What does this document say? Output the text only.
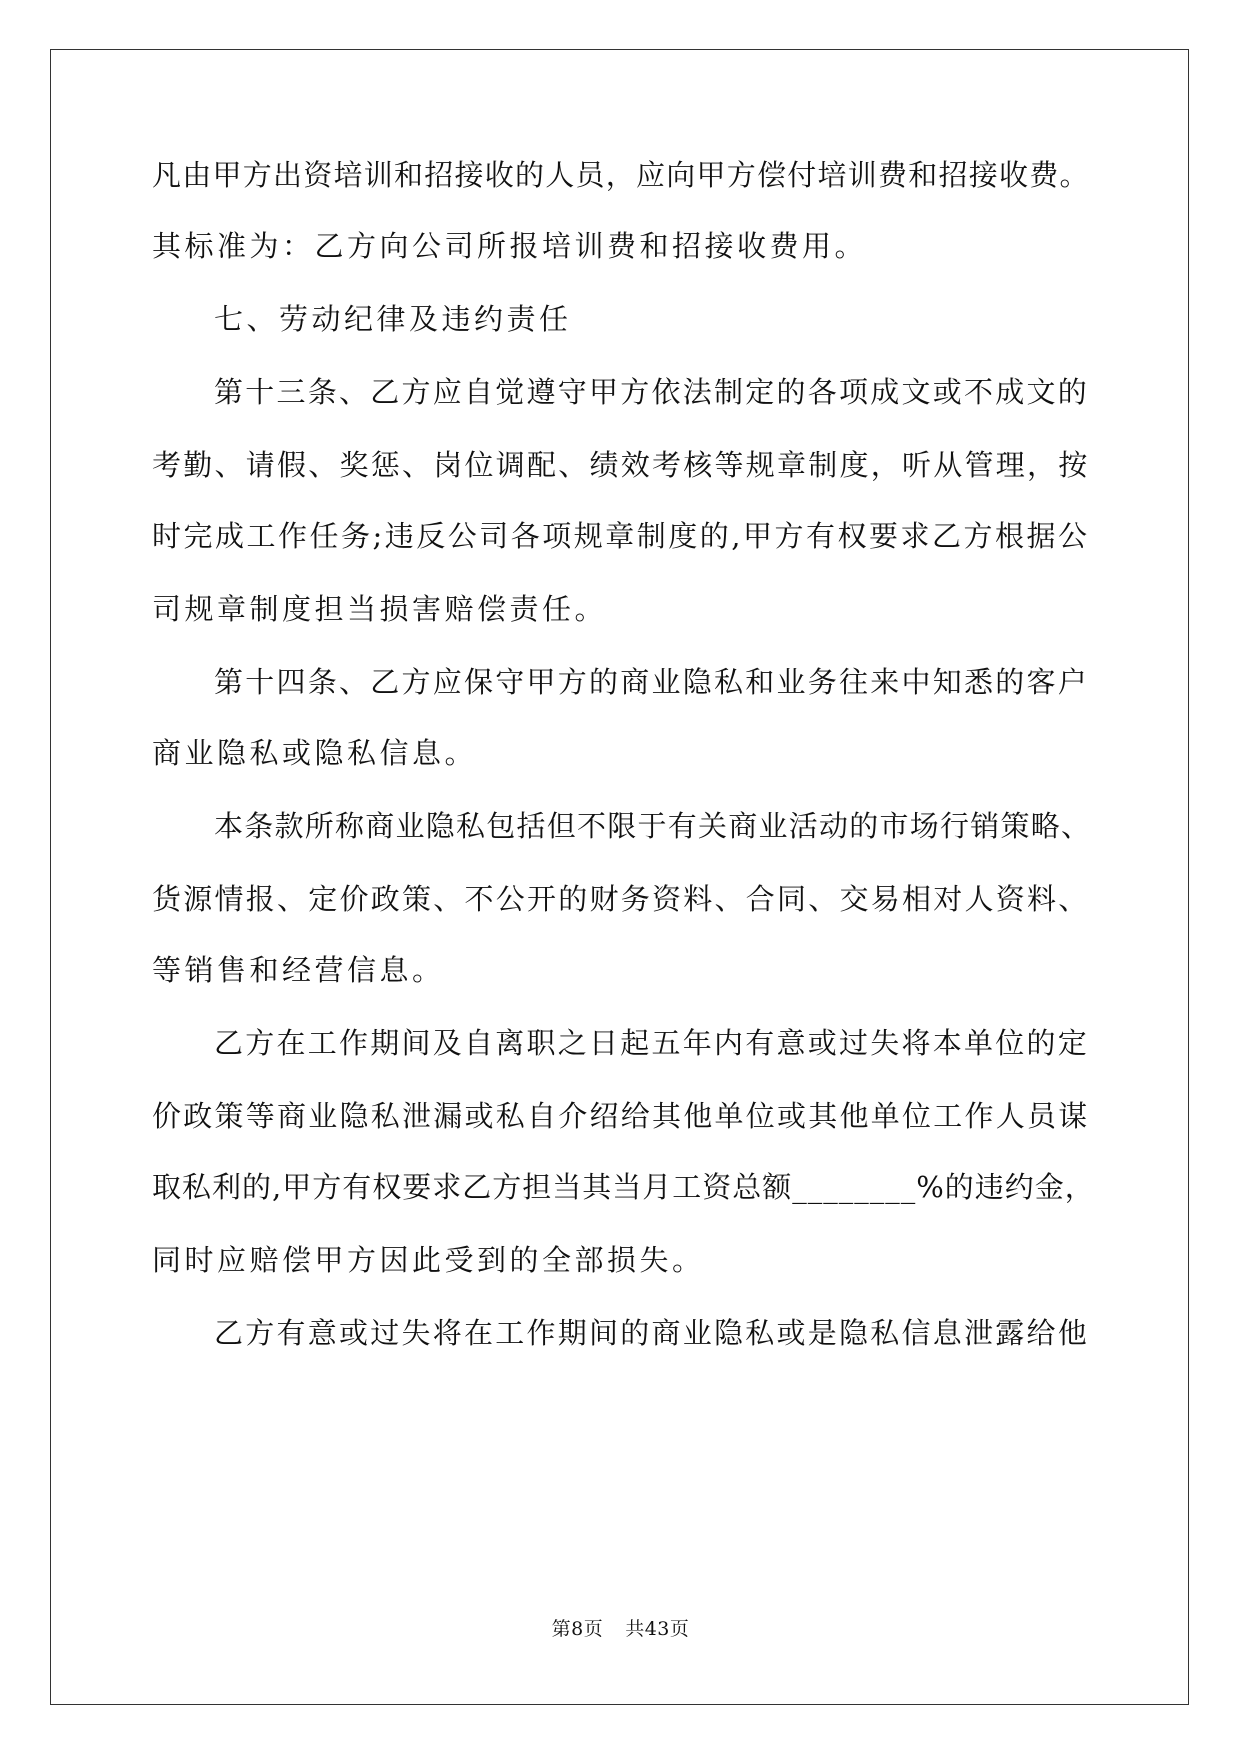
凡由甲方出资培训和招接收的人员，应向甲方偿付培训费和招接收费。
其标准为：乙方向公司所报培训费和招接收费用。
七、劳动纪律及违约责任
第十三条、乙方应自觉遵守甲方依法制定的各项成文或不成文的
考勤、请假、奖惩、岗位调配、绩效考核等规章制度，听从管理，按
时完成工作任务;违反公司各项规章制度的,甲方有权要求乙方根据公
司规章制度担当损害赔偿责任。
第十四条、乙方应保守甲方的商业隐私和业务往来中知悉的客户
商业隐私或隐私信息。
本条款所称商业隐私包括但不限于有关商业活动的市场行销策略、
货源情报、定价政策、不公开的财务资料、合同、交易相对人资料、
等销售和经营信息。
乙方在工作期间及自离职之日起五年内有意或过失将本单位的定
价政策等商业隐私泄漏或私自介绍给其他单位或其他单位工作人员谋
取私利的,甲方有权要求乙方担当其当月工资总额________%的违约金，
同时应赔偿甲方因此受到的全部损失。
乙方有意或过失将在工作期间的商业隐私或是隐私信息泄露给他
第8页 共43页
